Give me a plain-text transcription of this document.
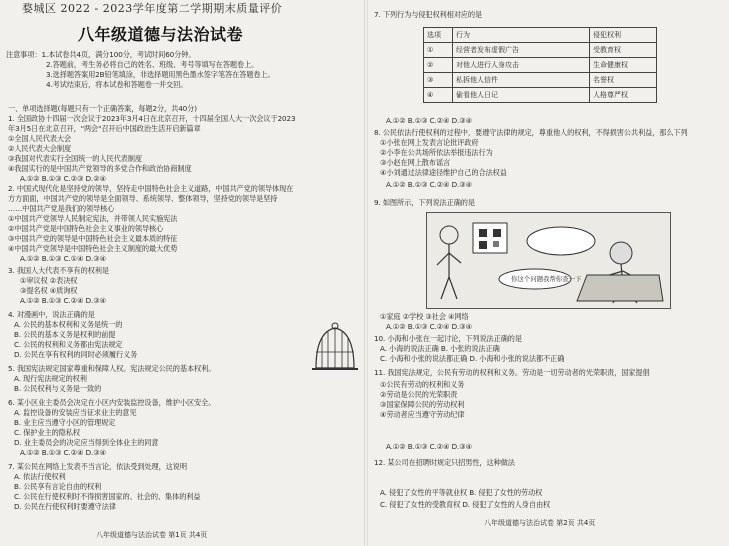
婺城区 2022 - 2023学年度第二学期期末质量评价
八年级道德与法治试卷
注意事项：1.本试卷共4页，满分100分，考试时间60分钟。
2.答题前，考生务必将自己的姓名、班级、考号等填写在答题卷上。
3.选择题答案用2B铅笔填涂，非选择题用黑色墨水签字笔答在答题卷上。
4.考试结束后，将本试卷和答题卷一并交回。
一、单项选择题(每题只有一个正确答案，每题2分，共40分)
1. 全国政协十四届一次会议于2023年3月4日在北京召开，十四届全国人大一次会议于2023
年3月5日在北京召开，"两会"召开后中国政治生活开启新篇章
①全国人民代表大会
②人民代表大会制度
③我国对代表实行全国统一的人民代表制度
④我国实行的是中国共产党领导的多党合作和政治协商制度
A.①② B.①③ C.②③ D.②④
2. 中国式现代化是坚持党的领导，坚持走中国特色社会主义道路，中国共产党的领导体现在
方方面面，中国共产党的领导是全面领导、系统领导、整体领导，坚持党的领导是坚持
……中国共产党是我们的领导核心
①中国共产党领导人民制定宪法，并带领人民实施宪法
②中国共产党是中国特色社会主义事业的领导核心
③中国共产党的领导是中国特色社会主义最本质的特征
④中国共产党领导是中国特色社会主义制度的最大优势
A.①② B.①③ C.①④ D.③④
3. 我国人大代表不享有的权利是
①审议权 ②表决权
③提名权 ④质询权
A.①② B.①③ C.②④ D.③④
4. 对漫画中，说法正确的是
A. 公民的基本权利和义务是统一的
B. 公民的基本义务是权利的前提
C. 公民的权利和义务都由宪法规定
D. 公民在享有权利的同时必须履行义务
5. 我国宪法规定国家尊重和保障人权。宪法规定公民的基本权利。
A. 现行宪法规定的权利
B. 公民权利与义务是一致的
6. 某小区业主委员会决定在小区内安装监控设备，维护小区安全。
A. 监控设备的安装应当征求业主的意见
B. 业主应当遵守小区的管理规定
C. 保护业主的隐私权
D. 业主委员会的决定应当得到全体业主的同意
A.①② B.①③ C.②④ D.③④
7. 某公民在网络上发表不当言论，依法受到处理，这说明
A. 依法行使权利
B. 公民享有言论自由的权利
C. 公民在行使权利时不得损害国家的、社会的、集体的利益
D. 公民在行使权利时要遵守法律
八年级道德与法治试卷 第1页 共4页
7. 下列行为与侵犯权利相对应的是
选项	行为	侵犯权利
①	经营者发布虚假广告	受教育权
②	对他人进行人身攻击	生命健康权
③	私拆他人信件	名誉权
④	偷看他人日记	人格尊严权
A.①② B.①③ C.②④ D.③④
8. 公民依法行使权利的过程中，要遵守法律的规定，尊重他人的权利，不得损害公共利益，那么下列
①小张在网上发表言论批评政府
②小李在公共场所依法举报违法行为
③小赵在网上散布谣言
④小刘通过法律途径维护自己的合法权益
A.①② B.①③ C.②④ D.③④
9. 如图所示，下列说法正确的是
你这个问题我帮你查一下
①家庭 ②学校 ③社会 ④网络
A.①② B.①③ C.②④ D.③④
10. 小海和小张在一起讨论，下列说法正确的是
A. 小海的说法正确 B. 小张的说法正确
C. 小海和小张的说法都正确 D. 小海和小张的说法都不正确
11. 我国宪法规定，公民有劳动的权利和义务。劳动是一切劳动者的光荣职责，国家提倡
①公民有劳动的权利和义务
②劳动是公民的光荣职责
③国家保障公民的劳动权利
④劳动者应当遵守劳动纪律
A.①② B.①③ C.②④ D.③④
12. 某公司在招聘时规定只招男性，这种做法
A. 侵犯了女性的平等就业权 B. 侵犯了女性的劳动权
C. 侵犯了女性的受教育权 D. 侵犯了女性的人身自由权
八年级道德与法治试卷 第2页 共4页
